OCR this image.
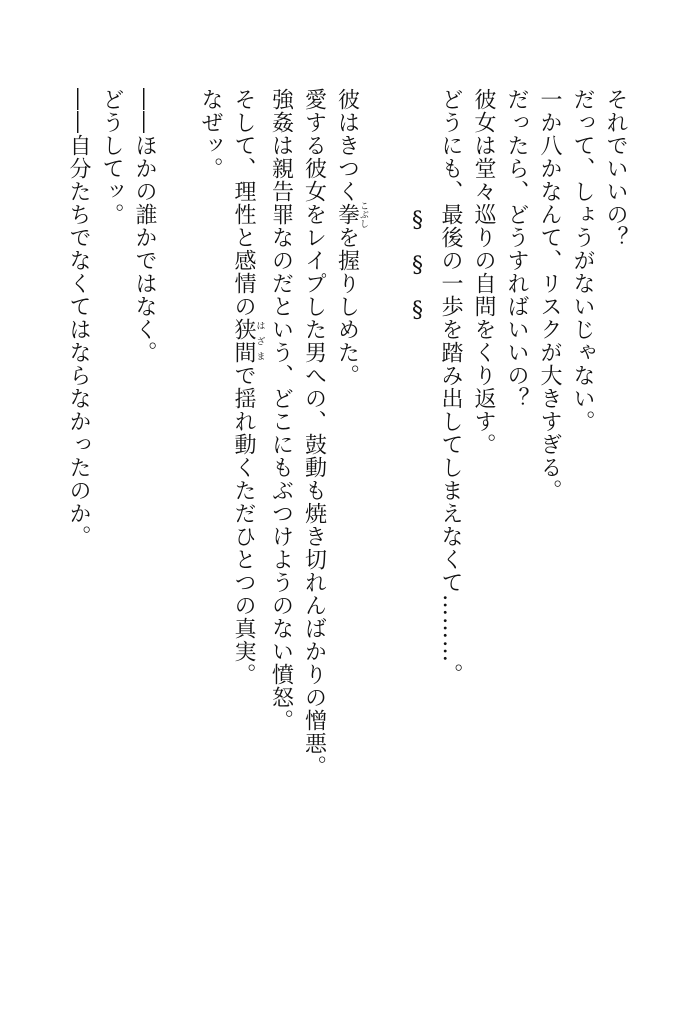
それでいいの？
だって、しょうがないじゃない。
一か八かなんて、リスクが大きすぎる。
だったら、どうすればいいの？
彼女は堂々巡りの自問をくり返す。
どうにも、最後の一歩を踏み出してしまえなくて………。
§§§
彼はきつく拳こぶしを握りしめた。
愛する彼女をレイプした男への、鼓動も焼き切れんばかりの憎悪。
強姦は親告罪なのだという、どこにもぶつけようのない憤怒。
そして、理性と感情の狭間はざまで揺れ動くただひとつの真実。
なぜッ。
――ほかの誰かではなく。
どうしてッ。
――自分たちでなくてはならなかったのか。
